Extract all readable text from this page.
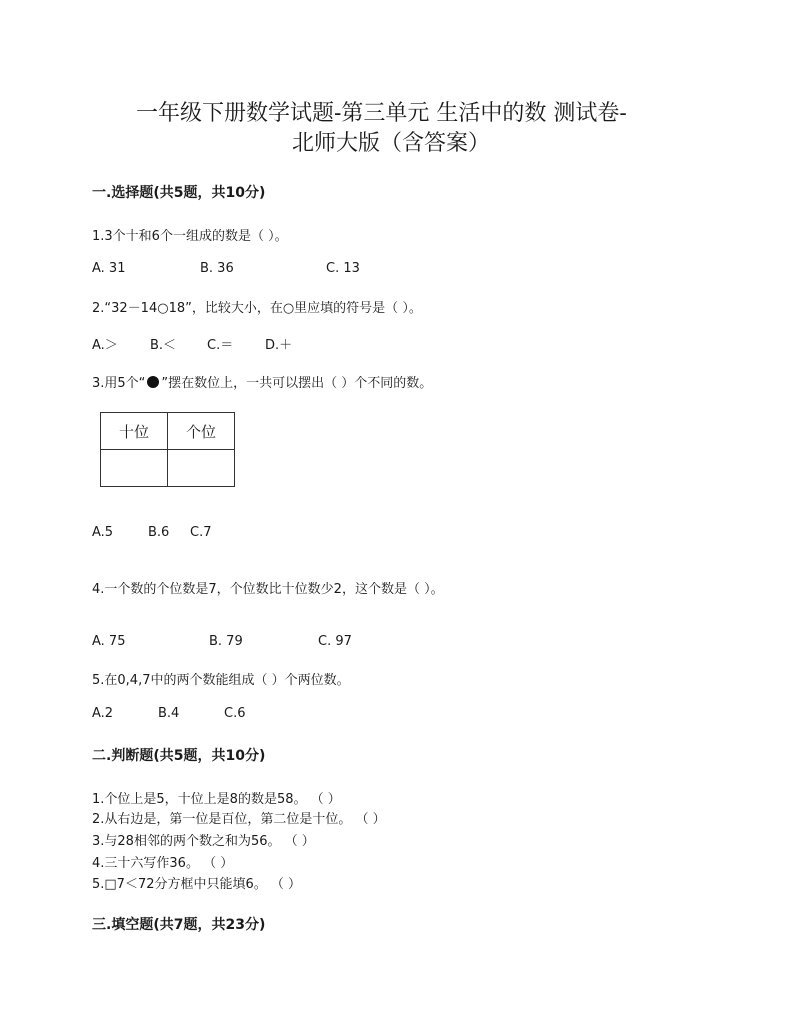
一年级下册数学试题-第三单元 生活中的数 测试卷-
北师大版（含答案）
一.选择题(共5题，共10分)
1.3个十和6个一组成的数是（ ）。
A. 31	B. 36	C. 13
2.“32－14○18”，比较大小，在○里应填的符号是（ ）。
A.＞ B.＜ C.＝ D.＋
3.用5个“ ”摆在数位上，一共可以摆出（ ）个不同的数。
十位	个位

A.5	B.6 C.7
4.一个数的个位数是7，个位数比十位数少2，这个数是（ ）。
A. 75	B. 79	C. 97
5.在0,4,7中的两个数能组成（ ）个两位数。
A.2	B.4	C.6
二.判断题(共5题，共10分)
1.个位上是5，十位上是8的数是58。 （ ）
2.从右边是，第一位是百位，第二位是十位。 （ ）
3.与28相邻的两个数之和为56。 （ ）
4.三十六写作36。 （ ）
5.□7＜72分方框中只能填6。 （ ）
三.填空题(共7题，共23分)
